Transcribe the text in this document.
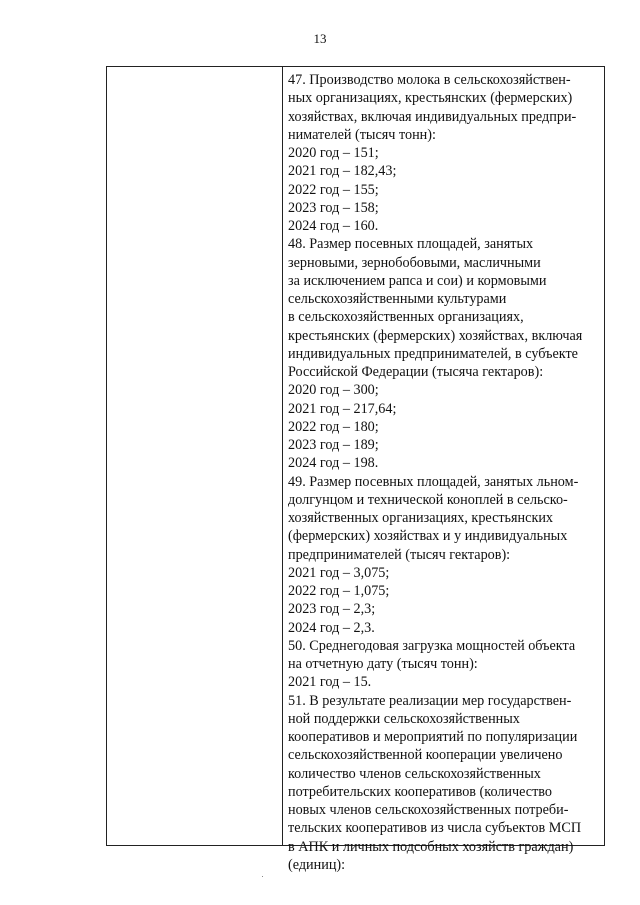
13
47. Производство молока в сельскохозяйствен-
ных организациях, крестьянских (фермерских)
хозяйствах, включая индивидуальных предпри-
нимателей (тысяч тонн):
2020 год – 151;
2021 год – 182,43;
2022 год – 155;
2023 год – 158;
2024 год – 160.
48. Размер посевных площадей, занятых
зерновыми, зернобобовыми, масличными
за исключением рапса и сои) и кормовыми
сельскохозяйственными культурами
в сельскохозяйственных организациях,
крестьянских (фермерских) хозяйствах, включая
индивидуальных предпринимателей, в субъекте
Российской Федерации (тысяча гектаров):
2020 год – 300;
2021 год – 217,64;
2022 год – 180;
2023 год – 189;
2024 год – 198.
49. Размер посевных площадей, занятых льном-
долгунцом и технической коноплей в сельско-
хозяйственных организациях, крестьянских
(фермерских) хозяйствах и у индивидуальных
предпринимателей (тысяч гектаров):
2021 год – 3,075;
2022 год – 1,075;
2023 год – 2,3;
2024 год – 2,3.
50. Среднегодовая загрузка мощностей объекта
на отчетную дату (тысяч тонн):
2021 год – 15.
51. В результате реализации мер государствен-
ной поддержки сельскохозяйственных
кооперативов и мероприятий по популяризации
сельскохозяйственной кооперации увеличено
количество членов сельскохозяйственных
потребительских кооперативов (количество
новых членов сельскохозяйственных потреби-
тельских кооперативов из числа субъектов МСП
в АПК и личных подсобных хозяйств граждан)
(единиц):
